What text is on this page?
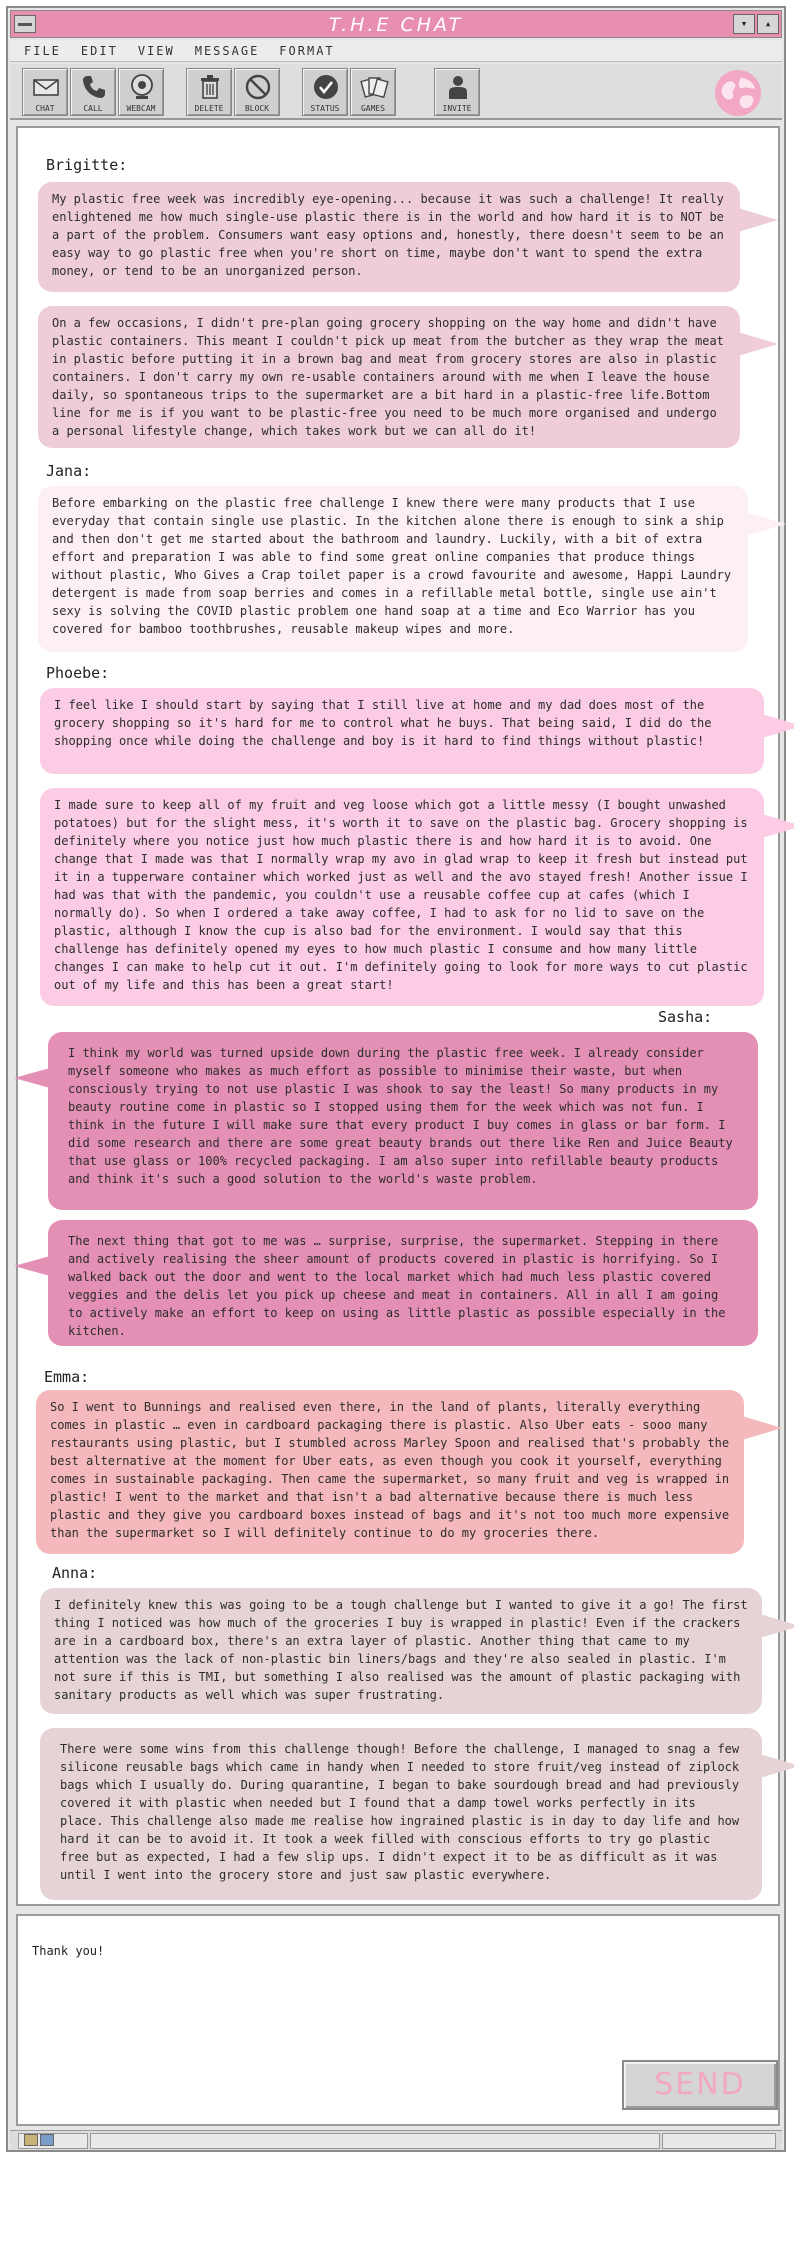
T.H.E CHAT	▾	▴
FILE EDIT VIEW MESSAGE FORMAT
CHAT	CALL	WEBCAM	DELETE	BLOCK	STATUS	GAMES	INVITE
Brigitte:
My plastic free week was incredibly eye-opening... because it was such a challenge! It really enlightened me how much single-use plastic there is in the world and how hard it is to NOT be a part of the problem. Consumers want easy options and, honestly, there doesn't seem to be an easy way to go plastic free when you're short on time, maybe don't want to spend the extra money, or tend to be an unorganized person.
On a few occasions, I didn't pre-plan going grocery shopping on the way home and didn't have plastic containers. This meant I couldn't pick up meat from the butcher as they wrap the meat in plastic before putting it in a brown bag and meat from grocery stores are also in plastic containers. I don't carry my own re-usable containers around with me when I leave the house daily, so spontaneous trips to the supermarket are a bit hard in a plastic-free life.Bottom line for me is if you want to be plastic-free you need to be much more organised and undergo a personal lifestyle change, which takes work but we can all do it!
Jana:
Before embarking on the plastic free challenge I knew there were many products that I use everyday that contain single use plastic. In the kitchen alone there is enough to sink a ship and then don't get me started about the bathroom and laundry. Luckily, with a bit of extra effort and preparation I was able to find some great online companies that produce things without plastic, Who Gives a Crap toilet paper is a crowd favourite and awesome, Happi Laundry detergent is made from soap berries and comes in a refillable metal bottle, single use ain't sexy is solving the COVID plastic problem one hand soap at a time and Eco Warrior has you covered for bamboo toothbrushes, reusable makeup wipes and more.
Phoebe:
I feel like I should start by saying that I still live at home and my dad does most of the grocery shopping so it's hard for me to control what he buys. That being said, I did do the shopping once while doing the challenge and boy is it hard to find things without plastic!
I made sure to keep all of my fruit and veg loose which got a little messy (I bought unwashed potatoes) but for the slight mess, it's worth it to save on the plastic bag. Grocery shopping is definitely where you notice just how much plastic there is and how hard it is to avoid. One change that I made was that I normally wrap my avo in glad wrap to keep it fresh but instead put it in a tupperware container which worked just as well and the avo stayed fresh! Another issue I had was that with the pandemic, you couldn't use a reusable coffee cup at cafes (which I normally do). So when I ordered a take away coffee, I had to ask for no lid to save on the plastic, although I know the cup is also bad for the environment. I would say that this challenge has definitely opened my eyes to how much plastic I consume and how many little changes I can make to help cut it out. I'm definitely going to look for more ways to cut plastic out of my life and this has been a great start!
Sasha:
I think my world was turned upside down during the plastic free week. I already consider myself someone who makes as much effort as possible to minimise their waste, but when consciously trying to not use plastic I was shook to say the least! So many products in my beauty routine come in plastic so I stopped using them for the week which was not fun. I think in the future I will make sure that every product I buy comes in glass or bar form. I did some research and there are some great beauty brands out there like Ren and Juice Beauty that use glass or 100% recycled packaging. I am also super into refillable beauty products and think it's such a good solution to the world's waste problem.
The next thing that got to me was … surprise, surprise, the supermarket. Stepping in there and actively realising the sheer amount of products covered in plastic is horrifying. So I walked back out the door and went to the local market which had much less plastic covered veggies and the delis let you pick up cheese and meat in containers. All in all I am going to actively make an effort to keep on using as little plastic as possible especially in the kitchen.
Emma:
So I went to Bunnings and realised even there, in the land of plants, literally everything comes in plastic … even in cardboard packaging there is plastic. Also Uber eats - sooo many restaurants using plastic, but I stumbled across Marley Spoon and realised that's probably the best alternative at the moment for Uber eats, as even though you cook it yourself, everything comes in sustainable packaging. Then came the supermarket, so many fruit and veg is wrapped in plastic! I went to the market and that isn't a bad alternative because there is much less plastic and they give you cardboard boxes instead of bags and it's not too much more expensive than the supermarket so I will definitely continue to do my groceries there.
Anna:
I definitely knew this was going to be a tough challenge but I wanted to give it a go! The first thing I noticed was how much of the groceries I buy is wrapped in plastic! Even if the crackers are in a cardboard box, there's an extra layer of plastic. Another thing that came to my attention was the lack of non-plastic bin liners/bags and they're also sealed in plastic. I'm not sure if this is TMI, but something I also realised was the amount of plastic packaging with sanitary products as well which was super frustrating.
There were some wins from this challenge though! Before the challenge, I managed to snag a few silicone reusable bags which came in handy when I needed to store fruit/veg instead of ziplock bags which I usually do. During quarantine, I began to bake sourdough bread and had previously covered it with plastic when needed but I found that a damp towel works perfectly in its place. This challenge also made me realise how ingrained plastic is in day to day life and how hard it can be to avoid it. It took a week filled with conscious efforts to try go plastic free but as expected, I had a few slip ups. I didn't expect it to be as difficult as it was until I went into the grocery store and just saw plastic everywhere.
Thank you!
SEND
